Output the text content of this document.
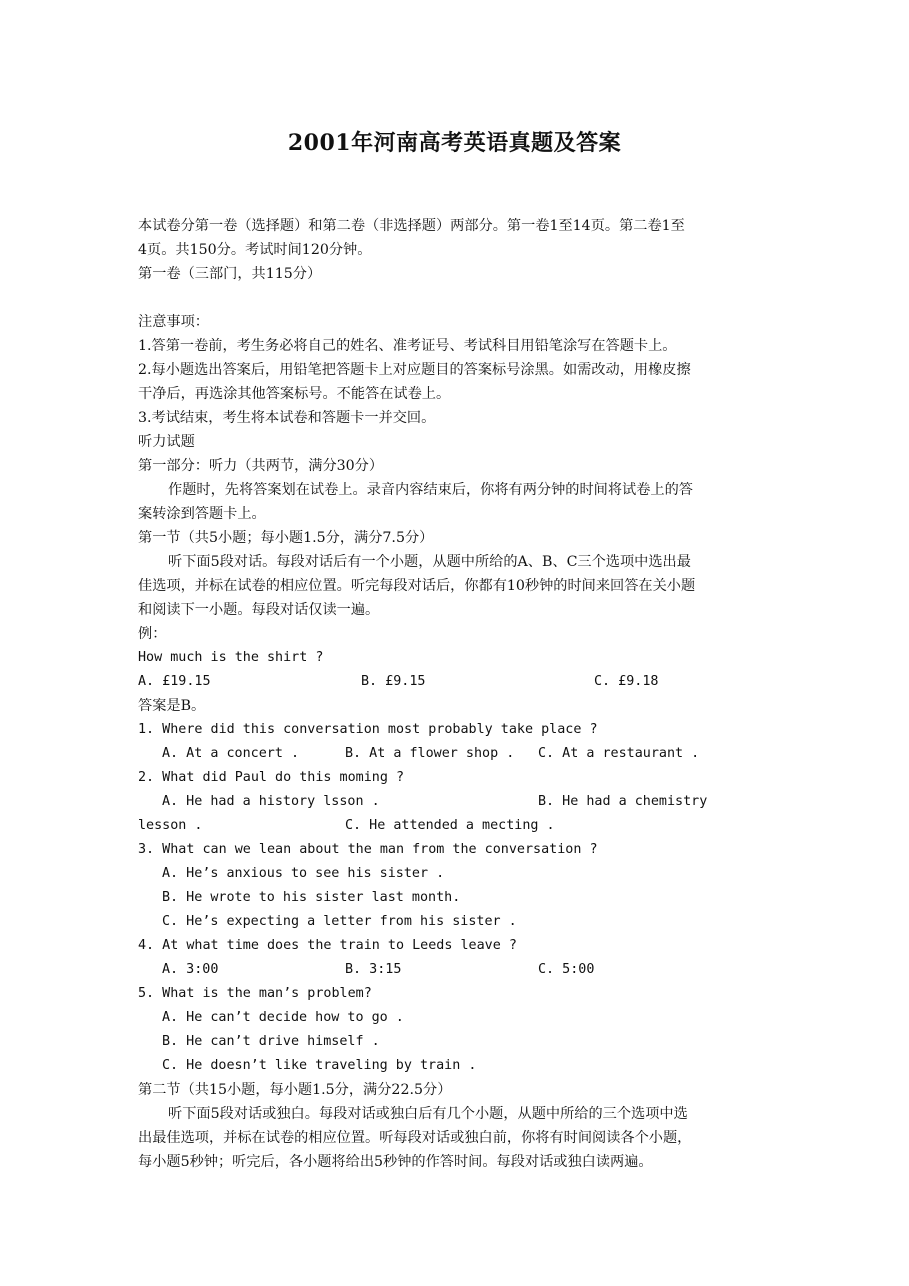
2001年河南高考英语真题及答案
本试卷分第一卷（选择题）和第二卷（非选择题）两部分。第一卷1至14页。第二卷1至
4页。共150分。考试时间120分钟。
第一卷（三部门，共115分）
注意事项：
1.答第一卷前，考生务必将自己的姓名、准考证号、考试科目用铅笔涂写在答题卡上。
2.每小题选出答案后，用铅笔把答题卡上对应题目的答案标号涂黑。如需改动，用橡皮擦
干净后，再选涂其他答案标号。不能答在试卷上。
3.考试结束，考生将本试卷和答题卡一并交回。
听力试题
第一部分：听力（共两节，满分30分）
作题时，先将答案划在试卷上。录音内容结束后，你将有两分钟的时间将试卷上的答
案转涂到答题卡上。
第一节（共5小题；每小题1.5分，满分7.5分）
听下面5段对话。每段对话后有一个小题，从题中所给的A、B、C三个选项中选出最
佳选项，并标在试卷的相应位置。听完每段对话后，你都有10秒钟的时间来回答在关小题
和阅读下一小题。每段对话仅读一遍。
例：
How much is the shirt ?

A. £19.15

	B. £9.15

	C. £9.18

答案是B。
1. Where did this conversation most probably take place ?

A. At a concert .

	B. At a flower shop .

C. At a restaurant .

2. What did Paul do this moming ?

A. He had a history lsson .

	B. He had a chemistry

lesson .

	C. He attended a mecting .

3. What can we lean about the man from the conversation ?
A. He’s anxious to see his sister .
B. He wrote to his sister last month.
C. He’s expecting a letter from his sister .
4. At what time does the train to Leeds leave ?

A. 3:00

	B. 3:15

	C. 5:00

5. What is the man’s problem?
A. He can’t decide how to go .
B. He can’t drive himself .
C. He doesn’t like traveling by train .
第二节（共15小题，每小题1.5分，满分22.5分）
听下面5段对话或独白。每段对话或独白后有几个小题，从题中所给的三个选项中选
出最佳选项，并标在试卷的相应位置。听每段对话或独白前，你将有时间阅读各个小题，
每小题5秒钟；听完后，各小题将给出5秒钟的作答时间。每段对话或独白读两遍。
